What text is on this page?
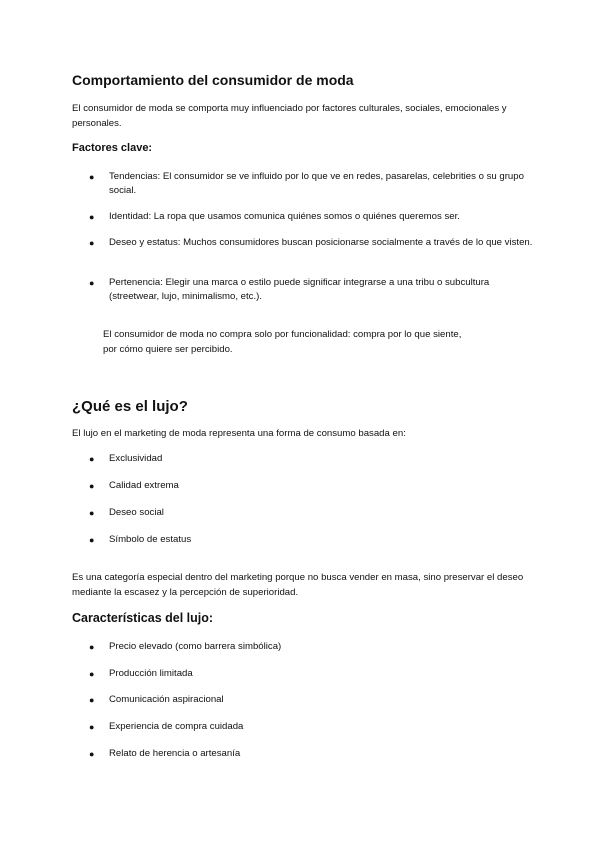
Comportamiento del consumidor de moda

El consumidor de moda se comporta muy influenciado por factores culturales, sociales, emocionales y personales.

Factores clave:
● Tendencias: El consumidor se ve influido por lo que ve en redes, pasarelas, celebrities o su grupo social.
● Identidad: La ropa que usamos comunica quiénes somos o quiénes queremos ser.
● Deseo y estatus: Muchos consumidores buscan posicionarse socialmente a través de lo que visten.
● Pertenencia: Elegir una marca o estilo puede significar integrarse a una tribu o subcultura (streetwear, lujo, minimalismo, etc.).

El consumidor de moda no compra solo por funcionalidad: compra por lo que siente,

por cómo quiere ser percibido.

¿Qué es el lujo?

El lujo en el marketing de moda representa una forma de consumo basada en:

● Exclusividad
● Calidad extrema
● Deseo social
● Símbolo de estatus

Es una categoría especial dentro del marketing porque no busca vender en masa, sino preservar el deseo mediante la escasez y la percepción de superioridad.

Características del lujo:
● Precio elevado (como barrera simbólica)
● Producción limitada
● Comunicación aspiracional
● Experiencia de compra cuidada
● Relato de herencia o artesanía
